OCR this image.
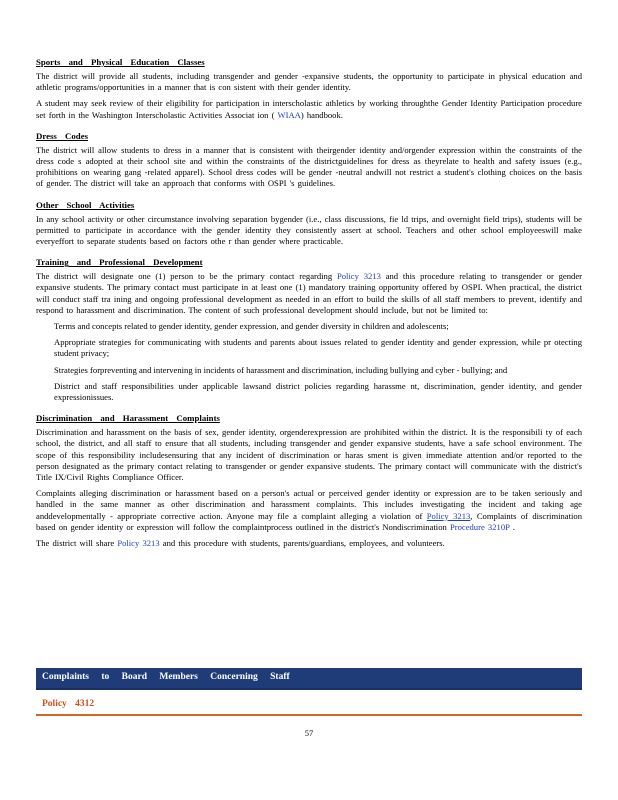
Sports and Physical Education Classes
The district will provide all students, including transgender and gender -expansive students, the opportunity to participate in physical education and athletic programs/opportunities in a manner that is con sistent with their gender identity.
A student may seek review of their eligibility for participation in interscholastic athletics by working throughthe Gender Identity Participation procedure set forth in the Washington Interscholastic Activities Associat ion ( WIAA) handbook.
Dress Codes
The district will allow students to dress in a manner that is consistent with theirgender identity and/orgender expression within the constraints of the dress code s adopted at their school site and within the constraints of the districtguidelines for dress as theyrelate to health and safety issues (e.g., prohibitions on wearing gang -related apparel). School dress codes will be gender -neutral andwill not restrict a student's clothing choices on the basis of gender. The district will take an approach that conforms with OSPI 's guidelines.
Other School Activities
In any school activity or other circumstance involving separation bygender (i.e., class discussions, fie ld trips, and overnight field trips), students will be permitted to participate in accordance with the gender identity they consistently assert at school. Teachers and other school employeeswill make everyeffort to separate students based on factors othe r than gender where practicable.
Training and Professional Development
The district will designate one (1) person to be the primary contact regarding Policy 3213 and this procedure relating to transgender or gender expansive students. The primary contact must participate in at least one (1) mandatory training opportunity offered by OSPI. When practical, the district will conduct staff tra ining and ongoing professional development as needed in an effort to build the skills of all staff members to prevent, identify and respond to harassment and discrimination. The content of such professional development should include, but not be limited to:
Terms and concepts related to gender identity, gender expression, and gender diversity in children and adolescents;
Appropriate strategies for communicating with students and parents about issues related to gender identity and gender expression, while pr otecting student privacy;
Strategies forpreventing and intervening in incidents of harassment and discrimination, including bullying and cyber - bullying; and
District and staff responsibilities under applicable lawsand district policies regarding harassme nt, discrimination, gender identity, and gender expressionissues.
Discrimination and Harassment Complaints
Discrimination and harassment on the basis of sex, gender identity, orgenderexpression are prohibited within the district. It is the responsibili ty of each school, the district, and all staff to ensure that all students, including transgender and gender expansive students, have a safe school environment. The scope of this responsibility includesensuring that any incident of discrimination or haras sment is given immediate attention and/or reported to the person designated as the primary contact relating to transgender or gender expansive students. The primary contact will communicate with the district's Title IX/Civil Rights Compliance Officer.
Complaints alleging discrimination or harassment based on a person's actual or perceived gender identity or expression are to be taken seriously and handled in the same manner as other discrimination and harassment complaints. This includes investigating the incident and taking age anddevelopmentally - appropriate corrective action. Anyone may file a complaint alleging a violation of Policy 3213, Complaints of discrimination based on gender identity or expression will follow the complaintprocess outlined in the district's Nondiscrimination Procedure 3210P .
The district will share Policy 3213 and this procedure with students, parents/guardians, employees, and volunteers.
Complaints to Board Members Concerning Staff
Policy 4312
57
